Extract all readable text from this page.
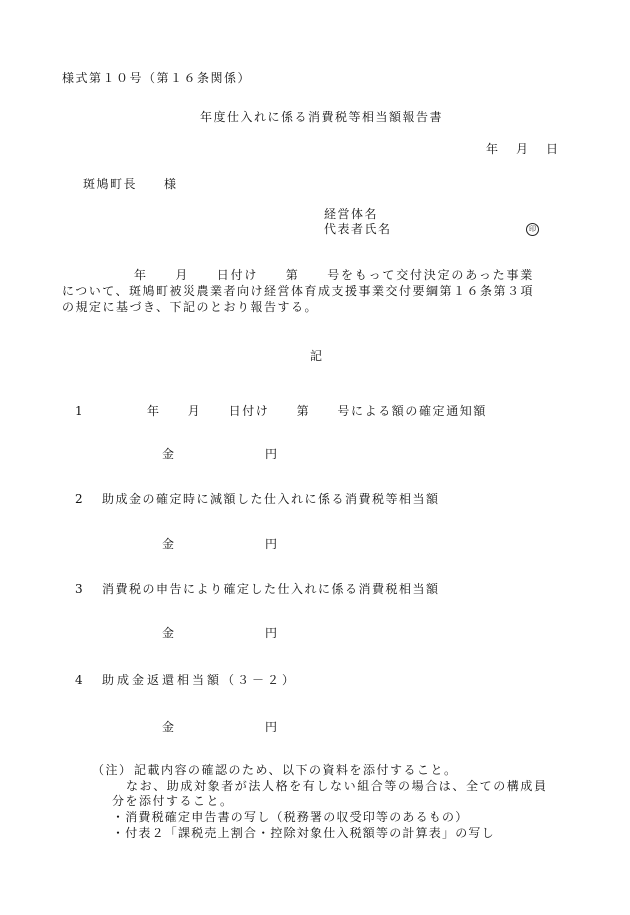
様式第１０号（第１６条関係）
年度仕入れに係る消費税等相当額報告書
年　月　日
斑鳩町長　　様
経営体名
代表者氏名	印
年　　月　　日付け　　第　　号をもって交付決定のあった事業
について、斑鳩町被災農業者向け経営体育成支援事業交付要綱第１６条第３項
の規定に基づき、下記のとおり報告する。
記
1	年　　月　　日付け　　第　　号による額の確定通知額
金	円
2 助成金の確定時に減額した仕入れに係る消費税等相当額
金	円
3 消費税の申告により確定した仕入れに係る消費税相当額
金	円
4 助成金返還相当額（３－２）
金	円
（注） 記載内容の確認のため、以下の資料を添付すること。
なお、助成対象者が法人格を有しない組合等の場合は、全ての構成員
分を添付すること。
・消費税確定申告書の写し（税務署の収受印等のあるもの）
・付表２「課税売上割合・控除対象仕入税額等の計算表」の写し
